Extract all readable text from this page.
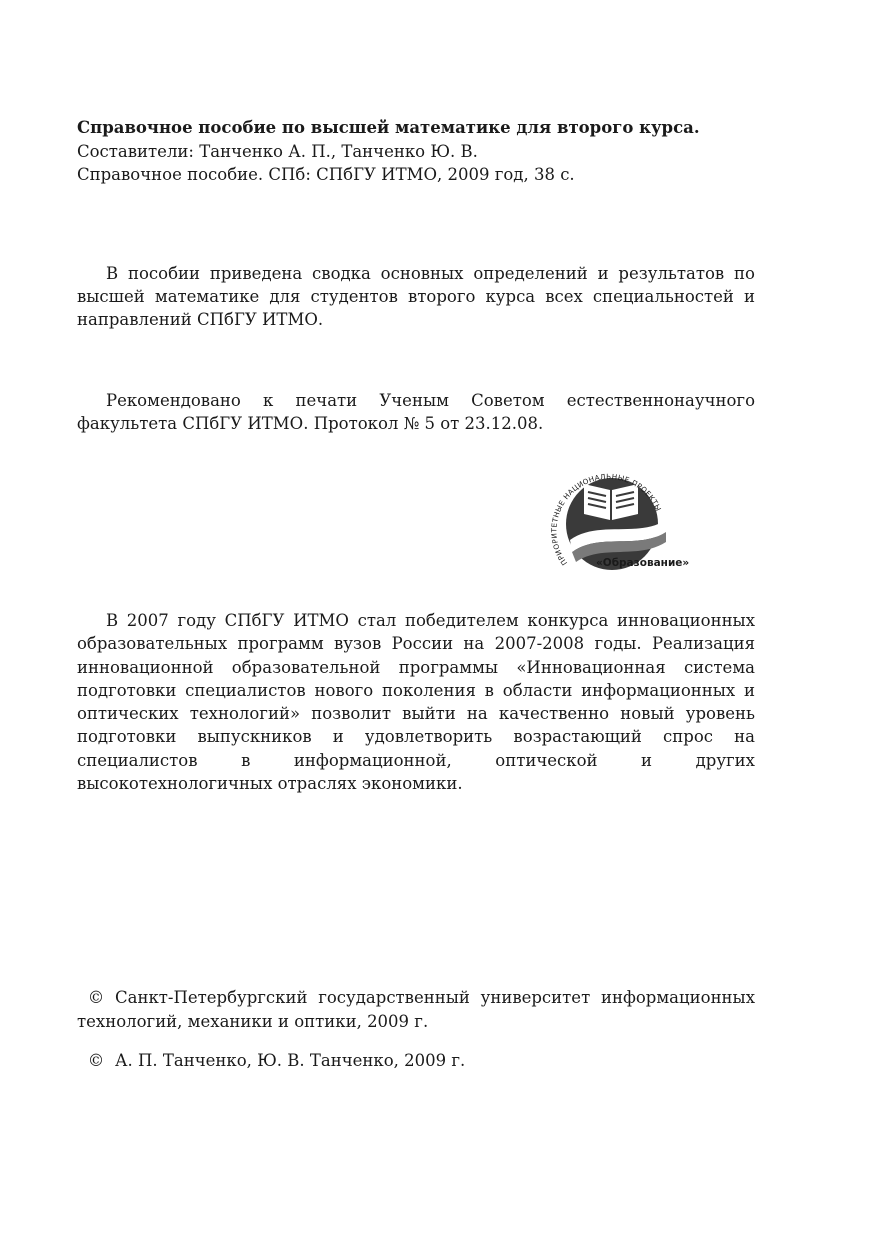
Справочное пособие по высшей математике для второго курса.
Составители: Танченко А. П., Танченко Ю. В.
Справочное пособие. СПб: СПбГУ ИТМО, 2009 год, 38 с.

В пособии приведена сводка основных определений и результатов по высшей математике для студентов второго курса всех специальностей и направлений СПбГУ ИТМО.

Рекомендовано к печати Ученым Советом естественнонаучного факультета СПбГУ ИТМО. Протокол № 5 от 23.12.08.

ПРИОРИТЕТНЫЕ НАЦИОНАЛЬНЫЕ ПРОЕКТЫ
«Образование»

В 2007 году СПбГУ ИТМО стал победителем конкурса инновационных образовательных программ вузов России на 2007-2008 годы. Реализация инновационной образовательной программы «Инновационная система подготовки специалистов нового поколения в области информационных и оптических технологий» позволит выйти на качественно новый уровень подготовки выпускников и удовлетворить возрастающий спрос на специалистов в информационной, оптической и других высокотехнологичных отраслях экономики.

© Санкт-Петербургский государственный университет информационных технологий, механики и оптики, 2009 г.
© А. П. Танченко, Ю. В. Танченко, 2009 г.
